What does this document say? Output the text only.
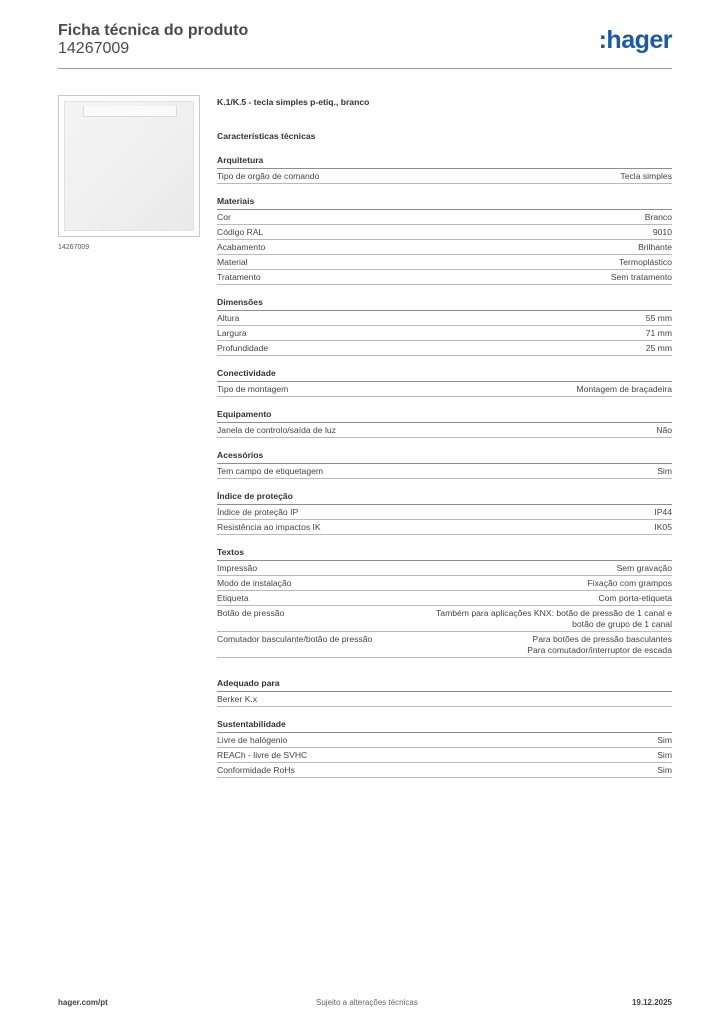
Ficha técnica do produto
14267009	:hager
14267009
K.1/K.5 - tecla simples p-etiq., branco
Características técnicas
Arquitetura
Tipo de orgão de comando	Tecla simples
Materiais
Cor	Branco
Código RAL	9010
Acabamento	Brilhante
Material	Termoplástico
Tratamento	Sem tratamento
Dimensões
Altura	55 mm
Largura	71 mm
Profundidade	25 mm
Conectividade
Tipo de montagem	Montagem de braçadeira
Equipamento
Janela de controlo/saída de luz	Não
Acessórios
Tem campo de etiquetagem	Sim
Índice de proteção
Índice de proteção IP	IP44
Resistência ao impactos IK	IK05
Textos
Impressão	Sem gravação
Modo de instalação	Fixação com grampos
Etiqueta	Com porta-etiqueta
Botão de pressão	Também para aplicações KNX: botão de pressão de 1 canal e
botão de grupo de 1 canal
Comutador basculante/botão de pressão	Para botões de pressão basculantes
Para comutador/interruptor de escada
Adequado para
Berker K.x
Sustentabilidade
Livre de halógenio	Sim
REACh - livre de SVHC	Sim
Conformidade RoHs	Sim
hager.com/pt	Sujeito a alterações técnicas	19.12.2025
